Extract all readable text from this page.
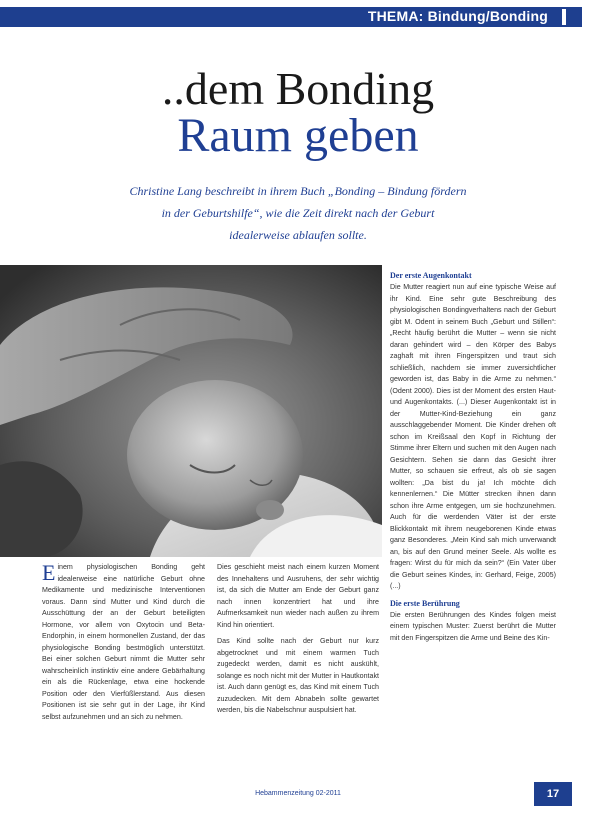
THEMA: Bindung/Bonding
..dem Bonding
Raum geben
Christine Lang beschreibt in ihrem Buch „Bonding – Bindung fördern
in der Geburtshilfe“, wie die Zeit direkt nach der Geburt
idealerweise ablaufen sollte.

Einem physiologischen Bonding geht idealerweise eine natürliche Geburt ohne Medikamente und medizinische Interventionen voraus. Dann sind Mutter und Kind durch die Ausschüttung der an der Geburt beteiligten Hormone, vor allem von Oxytocin und Beta-Endorphin, in einem hormonellen Zustand, der das physiologische Bonding bestmöglich unterstützt. Bei einer solchen Geburt nimmt die Mutter sehr wahrscheinlich instinktiv eine andere Gebärhaltung ein als die Rückenlage, etwa eine hockende Position oder den Vierfüßlerstand. Aus diesen Positionen ist sie sehr gut in der Lage, ihr Kind selbst aufzunehmen und an sich zu nehmen.

Dies geschieht meist nach einem kurzen Moment des Innehaltens und Ausruhens, der sehr wichtig ist, da sich die Mutter am Ende der Geburt ganz nach innen konzentriert hat und ihre Aufmerksamkeit nun wieder nach außen zu ihrem Kind hin orientiert.

Das Kind sollte nach der Geburt nur kurz abgetrocknet und mit einem warmen Tuch zugedeckt werden, damit es nicht auskühlt, solange es noch nicht mit der Mutter in Hautkontakt ist. Auch dann genügt es, das Kind mit einem Tuch zuzudecken. Mit dem Abnabeln sollte gewartet werden, bis die Nabelschnur auspulsiert hat.

Der erste Augenkontakt

Die Mutter reagiert nun auf eine typische Weise auf ihr Kind. Eine sehr gute Beschreibung des physiologischen Bondingverhaltens nach der Geburt gibt M. Odent in seinem Buch „Geburt und Stillen“: „Recht häufig berührt die Mutter – wenn sie nicht daran gehindert wird – den Körper des Babys zaghaft mit ihren Fingerspitzen und traut sich schließlich, nachdem sie immer zuversichtlicher geworden ist, das Baby in die Arme zu nehmen.“ (Odent 2000). Dies ist der Moment des ersten Haut- und Augenkontakts. (...) Dieser Augenkontakt ist in der Mutter-Kind-Beziehung ein ganz ausschlaggebender Moment. Die Kinder drehen oft schon im Kreißsaal den Kopf in Richtung der Stimme ihrer Eltern und suchen mit den Augen nach Gesichtern. Sehen sie dann das Gesicht ihrer Mutter, so schauen sie erfreut, als ob sie sagen wollten: „Da bist du ja! Ich möchte dich kennenlernen.“ Die Mütter strecken ihnen dann schon ihre Arme entgegen, um sie hochzunehmen. Auch für die werdenden Väter ist der erste Blickkontakt mit ihrem neugeborenen Kinde etwas ganz Besonderes. „Mein Kind sah mich unverwandt an, bis auf den Grund meiner Seele. Als wollte es fragen: Wirst du für mich da sein?“ (Ein Vater über die Geburt seines Kindes, in: Gerhard, Feige, 2005) (...)

Die erste Berührung

Die ersten Berührungen des Kindes folgen meist einem typischen Muster: Zuerst berührt die Mutter mit den Fingerspitzen die Arme und Beine des Kin-

Hebammenzeitung 02-2011	17
